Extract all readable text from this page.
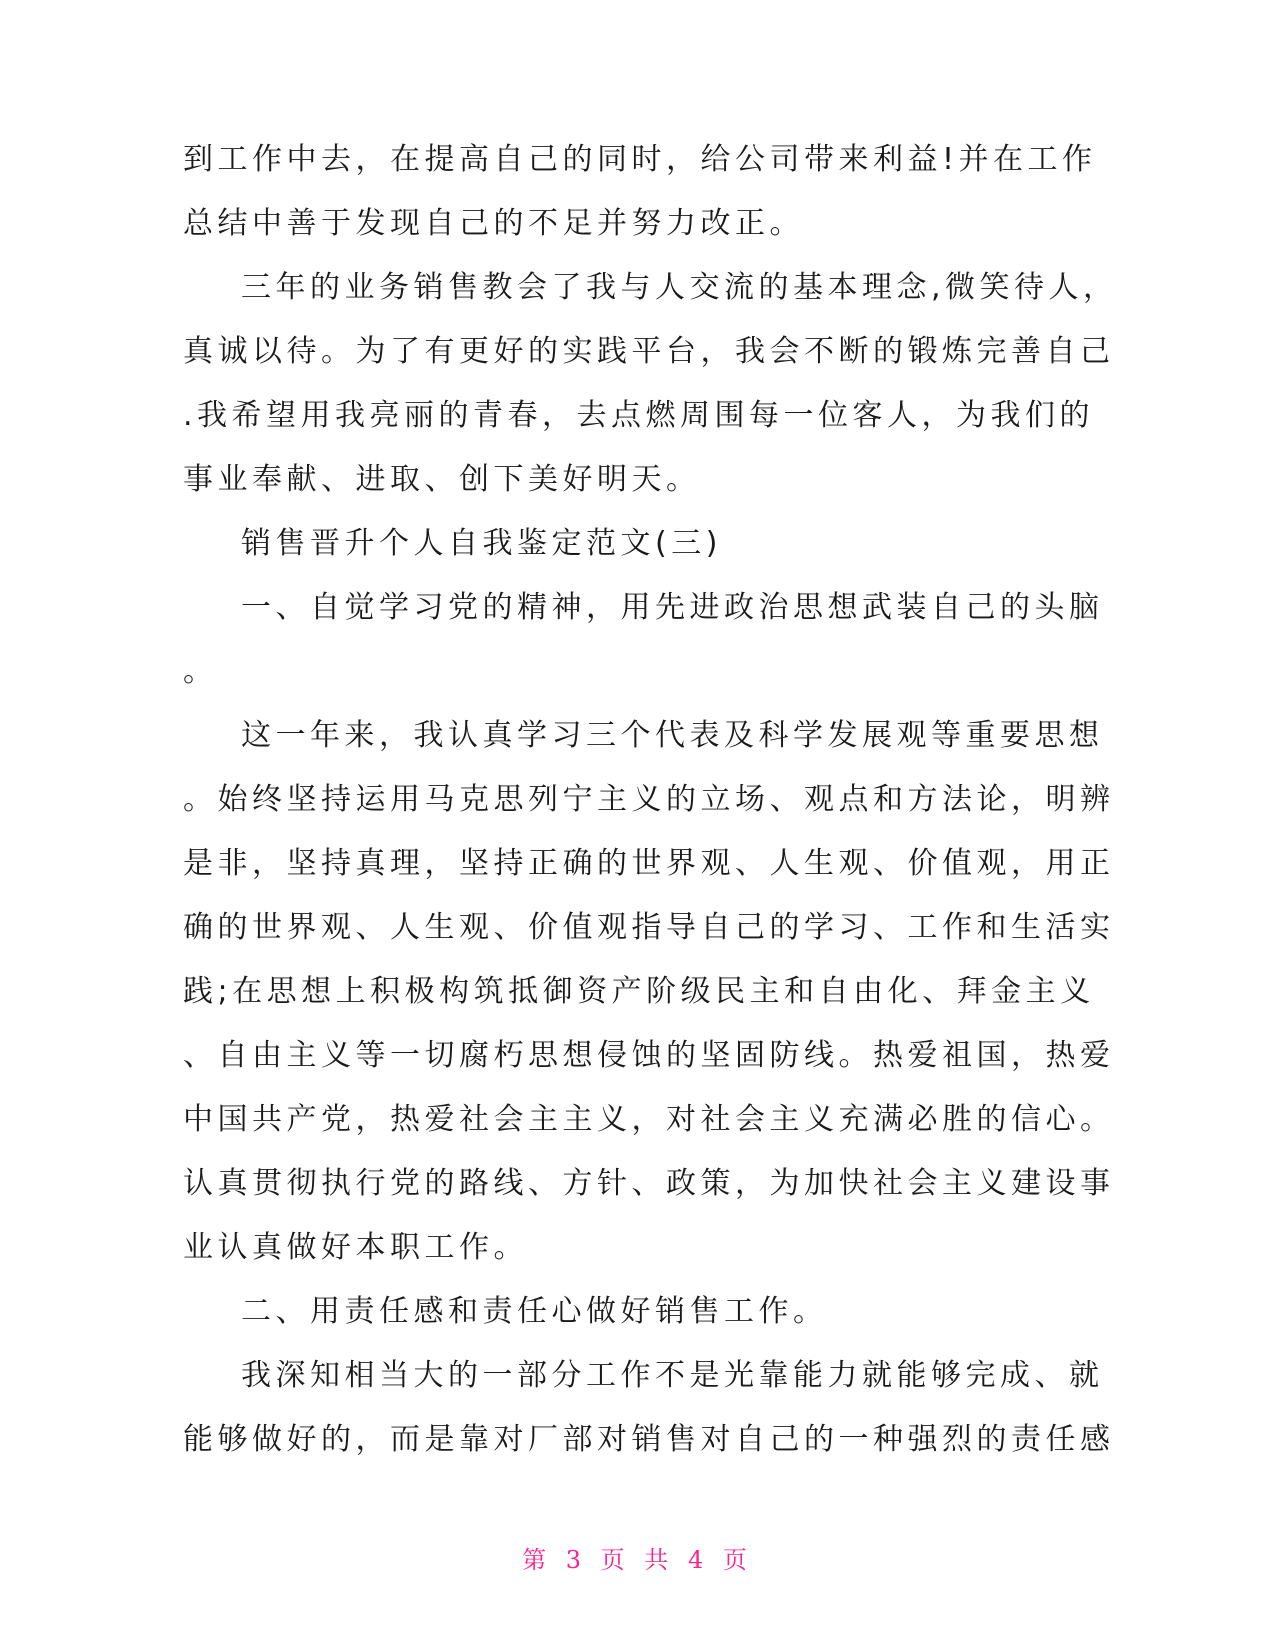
到工作中去，在提高自己的同时，给公司带来利益!并在工作
总结中善于发现自己的不足并努力改正。
三年的业务销售教会了我与人交流的基本理念,微笑待人，
真诚以待。为了有更好的实践平台，我会不断的锻炼完善自己
.我希望用我亮丽的青春，去点燃周围每一位客人，为我们的
事业奉献、进取、创下美好明天。
销售晋升个人自我鉴定范文(三)
一、自觉学习党的精神，用先进政治思想武装自己的头脑
。
这一年来，我认真学习三个代表及科学发展观等重要思想
。始终坚持运用马克思列宁主义的立场、观点和方法论，明辨
是非，坚持真理，坚持正确的世界观、人生观、价值观，用正
确的世界观、人生观、价值观指导自己的学习、工作和生活实
践;在思想上积极构筑抵御资产阶级民主和自由化、拜金主义
、自由主义等一切腐朽思想侵蚀的坚固防线。热爱祖国，热爱
中国共产党，热爱社会主主义，对社会主义充满必胜的信心。
认真贯彻执行党的路线、方针、政策，为加快社会主义建设事
业认真做好本职工作。
二、用责任感和责任心做好销售工作。
我深知相当大的一部分工作不是光靠能力就能够完成、就
能够做好的，而是靠对厂部对销售对自己的一种强烈的责任感
第 3 页 共 4 页
